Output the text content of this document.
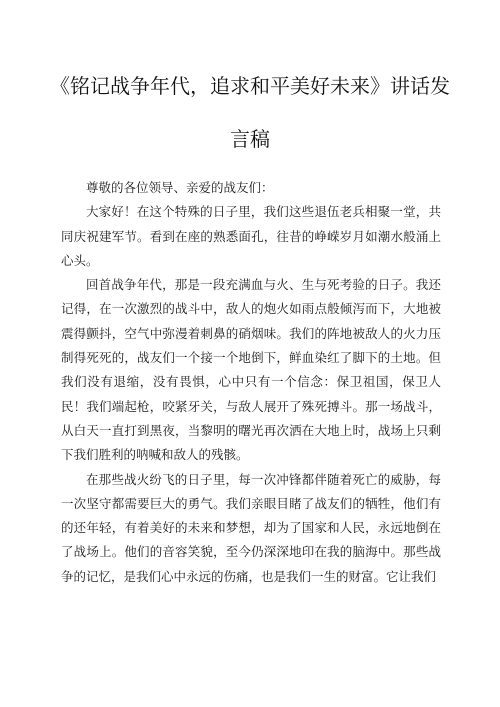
《铭记战争年代，追求和平美好未来》讲话发
言稿

尊敬的各位领导、亲爱的战友们：

大家好！在这个特殊的日子里，我们这些退伍老兵相聚一堂，共同庆祝建军节。看到在座的熟悉面孔，往昔的峥嵘岁月如潮水般涌上心头。

回首战争年代，那是一段充满血与火、生与死考验的日子。我还记得，在一次激烈的战斗中，敌人的炮火如雨点般倾泻而下，大地被震得颤抖，空气中弥漫着刺鼻的硝烟味。我们的阵地被敌人的火力压制得死死的，战友们一个接一个地倒下，鲜血染红了脚下的土地。但我们没有退缩，没有畏惧，心中只有一个信念：保卫祖国，保卫人民！我们端起枪，咬紧牙关，与敌人展开了殊死搏斗。那一场战斗，从白天一直打到黑夜，当黎明的曙光再次洒在大地上时，战场上只剩下我们胜利的呐喊和敌人的残骸。

在那些战火纷飞的日子里，每一次冲锋都伴随着死亡的威胁，每一次坚守都需要巨大的勇气。我们亲眼目睹了战友们的牺牲，他们有的还年轻，有着美好的未来和梦想，却为了国家和人民，永远地倒在了战场上。他们的音容笑貌，至今仍深深地印在我的脑海中。那些战争的记忆，是我们心中永远的伤痛，也是我们一生的财富。它让我们
